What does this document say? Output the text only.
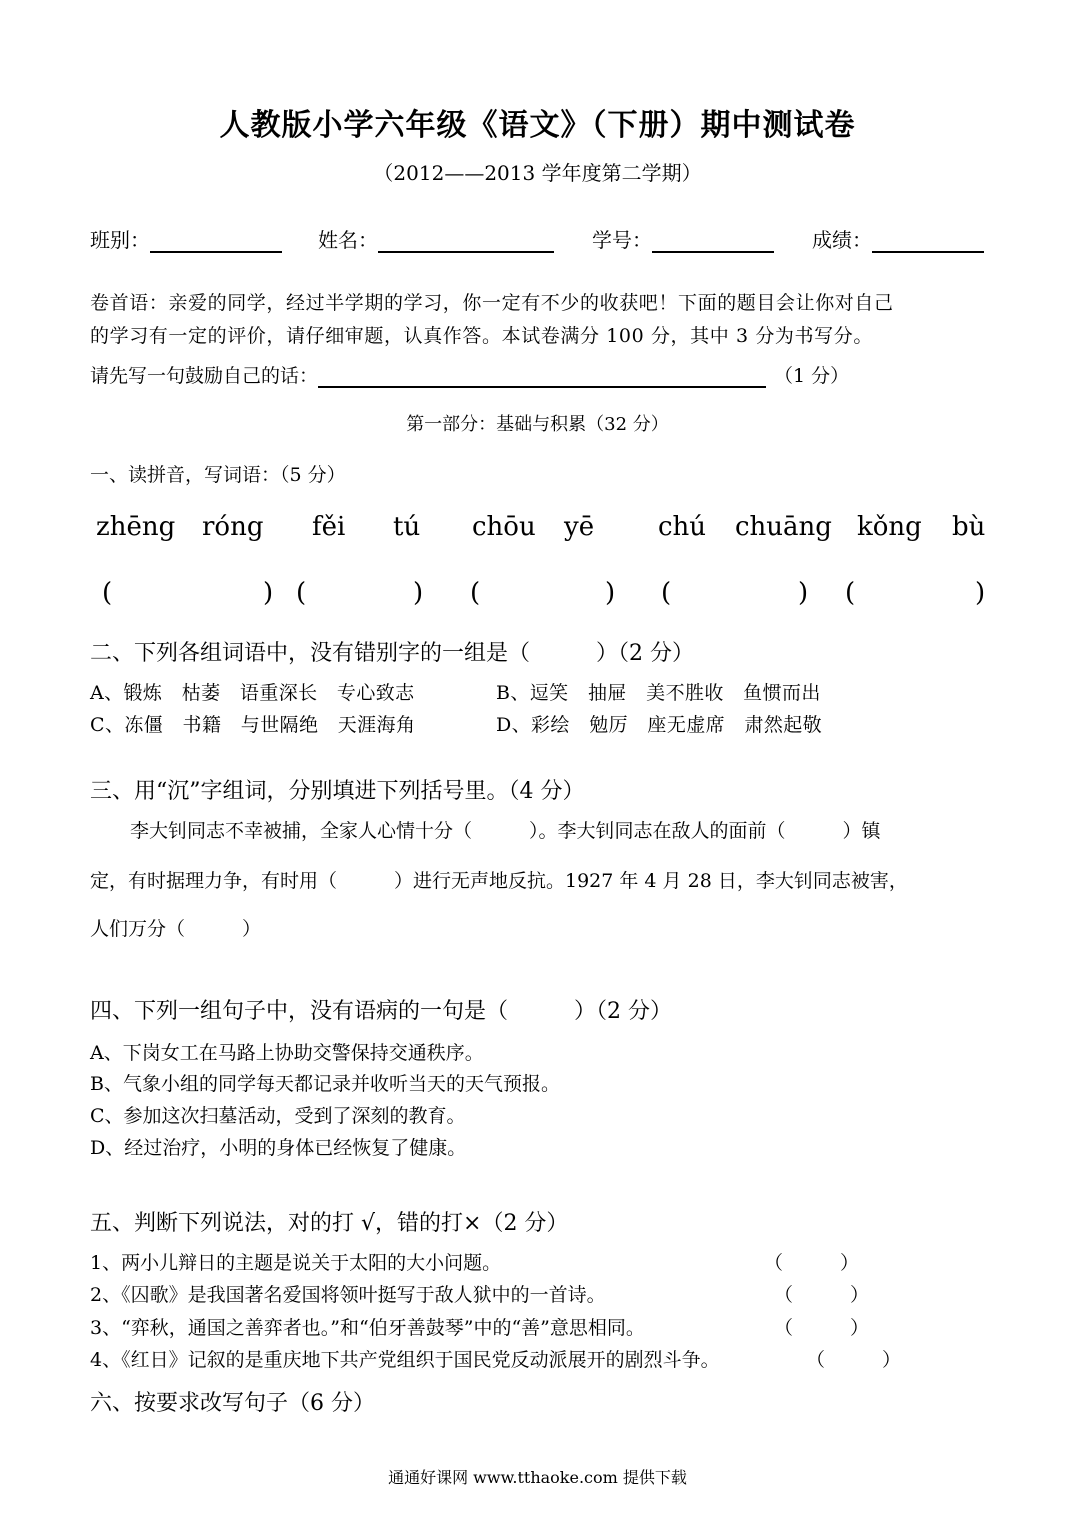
人教版小学六年级《语文》（下册）期中测试卷
（2012——2013 学年度第二学期）
班别：	姓名：	学号：	成绩：
卷首语：亲爱的同学，经过半学期的学习，你一定有不少的收获吧！下面的题目会让你对自己
的学习有一定的评价，请仔细审题，认真作答。本试卷满分 100 分，其中 3 分为书写分。
请先写一句鼓励自己的话：	（1 分）
第一部分：基础与积累（32 分）
一、读拼音，写词语：（5 分）
zhēng róng fěi tú chōu yē chú chuāng kǒng bù
(	) (	) (	) (	) (	)
二、下列各组词语中，没有错别字的一组是（　　　）（2 分）
A、锻炼　枯萎　语重深长　专心致志	B、逗笑　抽屉　美不胜收　鱼惯而出
C、冻僵　书籍　与世隔绝　天涯海角	D、彩绘　勉厉　座无虚席　肃然起敬
三、用“沉”字组词，分别填进下列括号里。（4 分）
李大钊同志不幸被捕，全家人心情十分（　　　）。李大钊同志在敌人的面前（　　　）镇
定，有时据理力争，有时用（　　　）进行无声地反抗。1927 年 4 月 28 日，李大钊同志被害，
人们万分（　　　）
四、下列一组句子中，没有语病的一句是（　　　）（2 分）
A、下岗女工在马路上协助交警保持交通秩序。
B、气象小组的同学每天都记录并收听当天的天气预报。
C、参加这次扫墓活动，受到了深刻的教育。
D、经过治疗，小明的身体已经恢复了健康。
五、判断下列说法，对的打 √，错的打×（2 分）
1、两小儿辩日的主题是说关于太阳的大小问题。	（　　　）
2、《囚歌》是我国著名爱国将领叶挺写于敌人狱中的一首诗。	（　　　）
3、“弈秋，通国之善弈者也。”和“伯牙善鼓琴”中的“善”意思相同。	（　　　）
4、《红日》记叙的是重庆地下共产党组织于国民党反动派展开的剧烈斗争。	（　　　）
六、按要求改写句子（6 分）
通通好课网 www.tthaoke.com 提供下载
